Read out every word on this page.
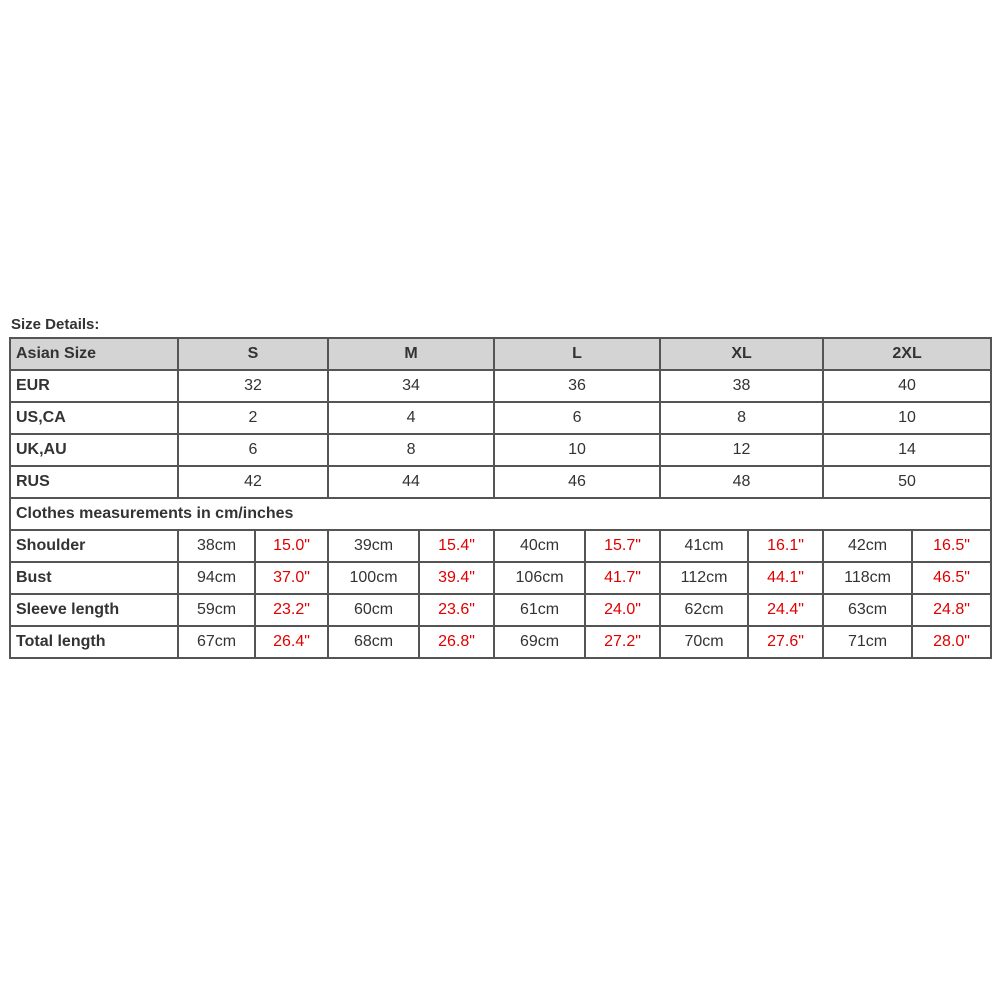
Size Details:
Asian Size	S		M		L		XL		2XL	
EUR	32		34		36		38		40	
US,CA	2		4		6		8		10	
UK,AU	6		8		10		12		14	
RUS	42		44		46		48		50	
Clothes measurements in cm/inches										
Shoulder	38cm	15.0"	39cm	15.4"	40cm	15.7"	41cm	16.1"	42cm	16.5"
Bust	94cm	37.0"	100cm	39.4"	106cm	41.7"	112cm	44.1"	118cm	46.5"
Sleeve length	59cm	23.2"	60cm	23.6"	61cm	24.0"	62cm	24.4"	63cm	24.8"
Total length	67cm	26.4"	68cm	26.8"	69cm	27.2"	70cm	27.6"	71cm	28.0"
